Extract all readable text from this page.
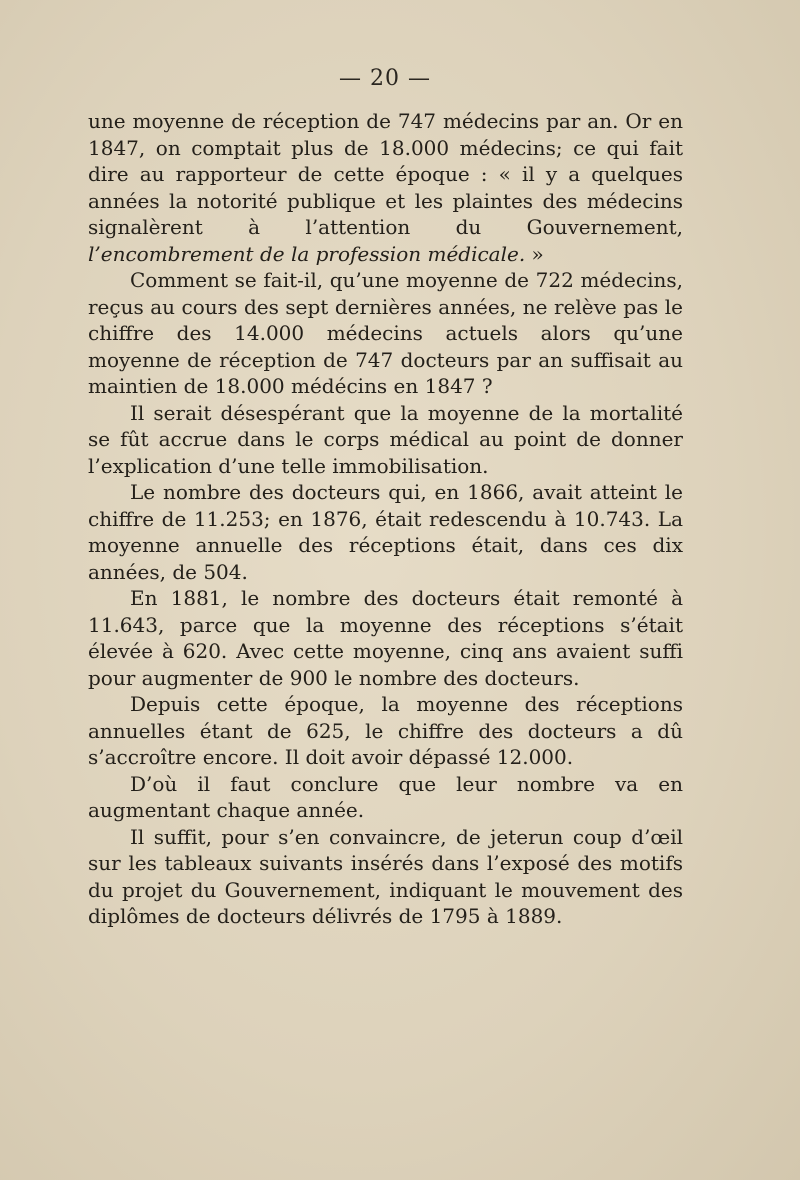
— 20 —

une moyenne de réception de 747 médecins par an. Or en 1847, on comptait plus de 18.000 médecins; ce qui fait dire au rapporteur de cette époque : « il y a quelques années la notorité publique et les plaintes des médecins signalèrent à l’attention du Gouvernement, l’encombrement de la profession médicale. »

Comment se fait-il, qu’une moyenne de 722 médecins, reçus au cours des sept dernières années, ne relève pas le chiffre des 14.000 médecins actuels alors qu’une moyenne de réception de 747 docteurs par an suffisait au maintien de 18.000 médécins en 1847 ?

Il serait désespérant que la moyenne de la mortalité se fût accrue dans le corps médical au point de donner l’explication d’une telle immobilisation.

Le nombre des docteurs qui, en 1866, avait atteint le chiffre de 11.253; en 1876, était redescendu à 10.743. La moyenne annuelle des réceptions était, dans ces dix années, de 504.

En 1881, le nombre des docteurs était remonté à 11.643, parce que la moyenne des réceptions s’était élevée à 620. Avec cette moyenne, cinq ans avaient suffi pour augmenter de 900 le nombre des docteurs.

Depuis cette époque, la moyenne des réceptions annuelles étant de 625, le chiffre des docteurs a dû s’accroître encore. Il doit avoir dépassé 12.000.

D’où il faut conclure que leur nombre va en augmentant chaque année.

Il suffit, pour s’en convaincre, de jeterun coup d’œil sur les tableaux suivants insérés dans l’exposé des motifs du projet du Gouvernement, indiquant le mouvement des diplômes de docteurs délivrés de 1795 à 1889.
